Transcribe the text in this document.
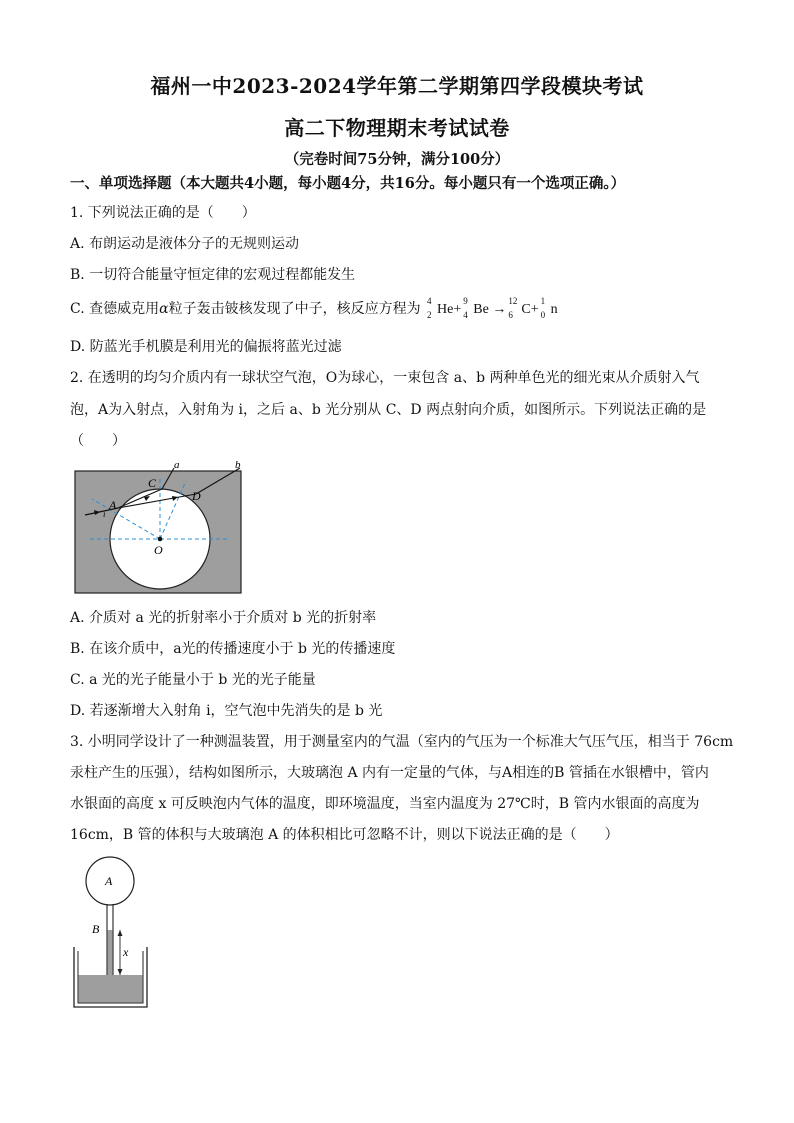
福州一中2023-2024学年第二学期第四学段模块考试
高二下物理期末考试试卷
（完卷时间75分钟，满分100分）
一、单项选择题（本大题共4小题，每小题4分，共16分。每小题只有一个选项正确。）
1. 下列说法正确的是（　　）
A. 布朗运动是液体分子的无规则运动
B. 一切符合能量守恒定律的宏观过程都能发生
C. 查德威克用α粒子轰击铍核发现了中子，核反应方程为 4
2 He+
9
4 Be →
12
6 C+
1
0 n
D. 防蓝光手机膜是利用光的偏振将蓝光过滤
2. 在透明的均匀介质内有一球状空气泡，O为球心，一束包含 a、b 两种单色光的细光束从介质射入气
泡，A为入射点，入射角为 i，之后 a、b 光分别从 C、D 两点射向介质，如图所示。下列说法正确的是
（　　）
a	b
C
D
A
i
O
A. 介质对 a 光的折射率小于介质对 b 光的折射率
B. 在该介质中，a光的传播速度小于 b 光的传播速度
C. a 光的光子能量小于 b 光的光子能量
D. 若逐渐增大入射角 i，空气泡中先消失的是 b 光
3. 小明同学设计了一种测温装置，用于测量室内的气温（室内的气压为一个标准大气压气压，相当于 76cm
汞柱产生的压强），结构如图所示，大玻璃泡 A 内有一定量的气体，与A相连的B 管插在水银槽中，管内
水银面的高度 x 可反映泡内气体的温度，即环境温度，当室内温度为 27℃时，B 管内水银面的高度为
16cm，B 管的体积与大玻璃泡 A 的体积相比可忽略不计，则以下说法正确的是（　　）
A
B
x
